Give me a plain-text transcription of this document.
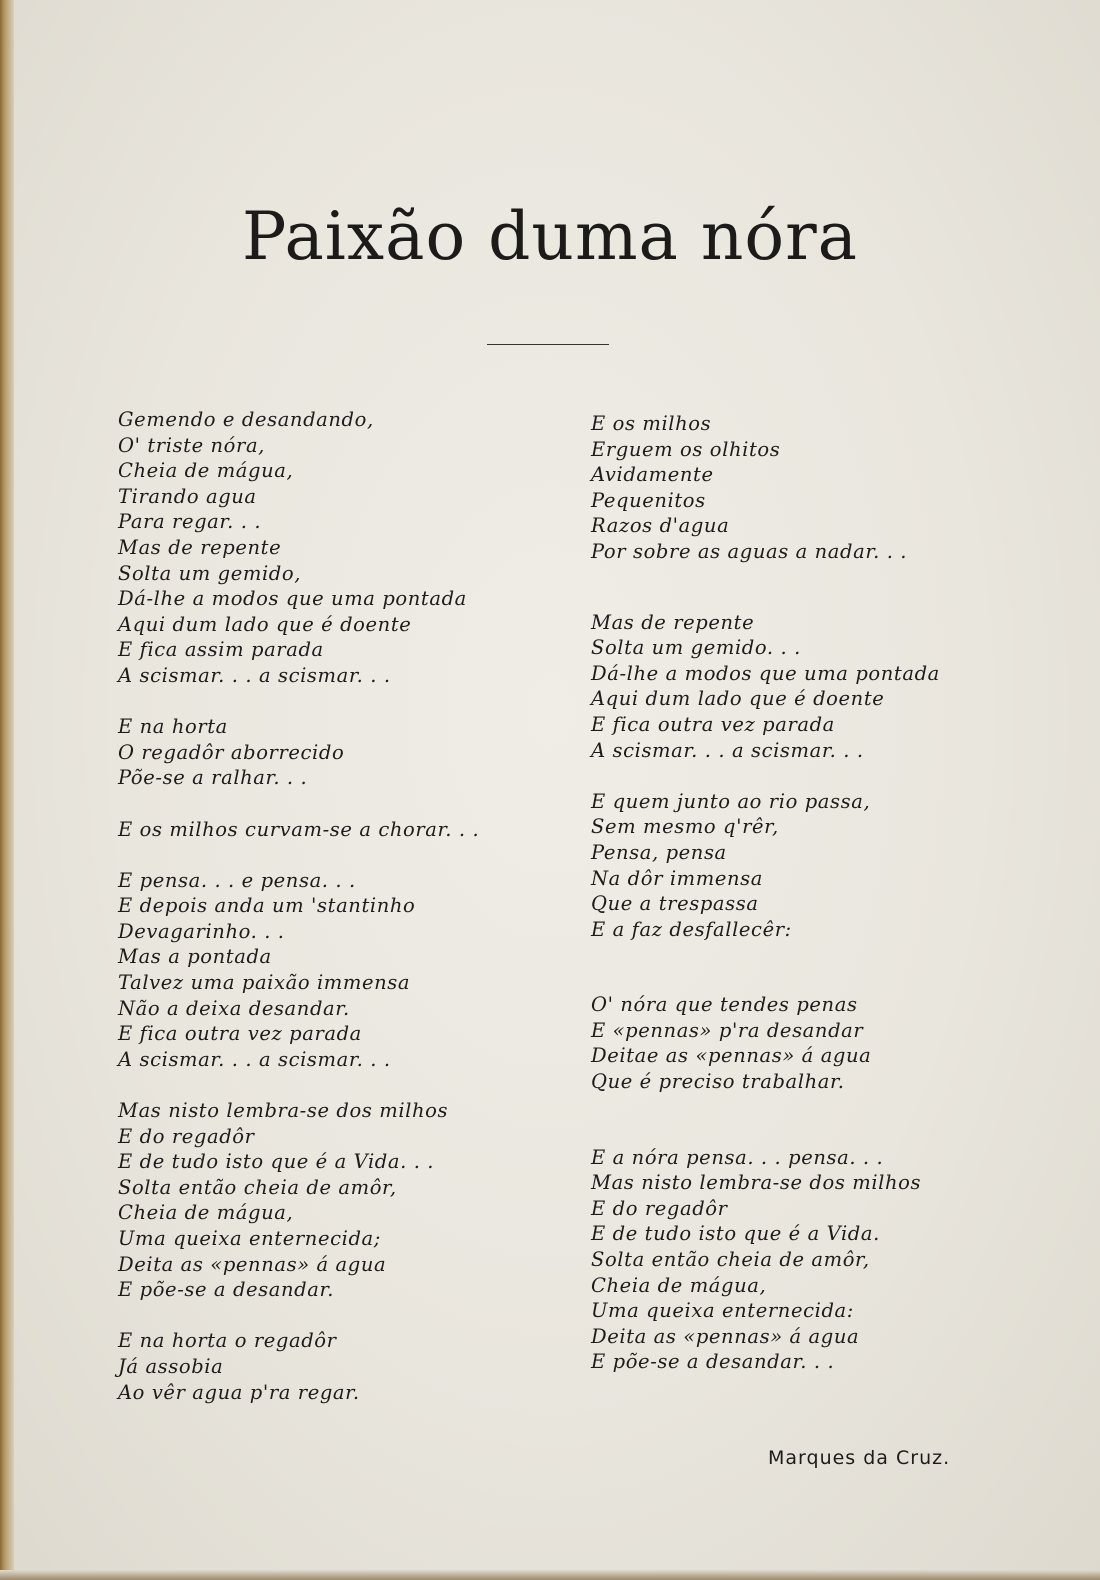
Paixão duma nóra
Gemendo e desandando,
O' triste nóra,
Cheia de mágua,
Tirando agua
Para regar. . .
Mas de repente
Solta um gemido,
Dá-lhe a modos que uma pontada
Aqui dum lado que é doente
E fica assim parada
A scismar. . . a scismar. . .
E na horta
O regadôr aborrecido
Põe-se a ralhar. . .
E os milhos curvam-se a chorar. . .
E pensa. . . e pensa. . .
E depois anda um 'stantinho
Devagarinho. . .
Mas a pontada
Talvez uma paixão immensa
Não a deixa desandar.
E fica outra vez parada
A scismar. . . a scismar. . .
Mas nisto lembra-se dos milhos
E do regadôr
E de tudo isto que é a Vida. . .
Solta então cheia de amôr,
Cheia de mágua,
Uma queixa enternecida;
Deita as «pennas» á agua
E põe-se a desandar.
E na horta o regadôr
Já assobia
Ao vêr agua p'ra regar.
E os milhos
Erguem os olhitos
Avidamente
Pequenitos
Razos d'agua
Por sobre as aguas a nadar. . .
Mas de repente
Solta um gemido. . .
Dá-lhe a modos que uma pontada
Aqui dum lado que é doente
E fica outra vez parada
A scismar. . . a scismar. . .
E quem junto ao rio passa,
Sem mesmo q'rêr,
Pensa, pensa
Na dôr immensa
Que a trespassa
E a faz desfallecêr:
O' nóra que tendes penas
E «pennas» p'ra desandar
Deitae as «pennas» á agua
Que é preciso trabalhar.
E a nóra pensa. . . pensa. . .
Mas nisto lembra-se dos milhos
E do regadôr
E de tudo isto que é a Vida.
Solta então cheia de amôr,
Cheia de mágua,
Uma queixa enternecida:
Deita as «pennas» á agua
E põe-se a desandar. . .
Marques da Cruz.
